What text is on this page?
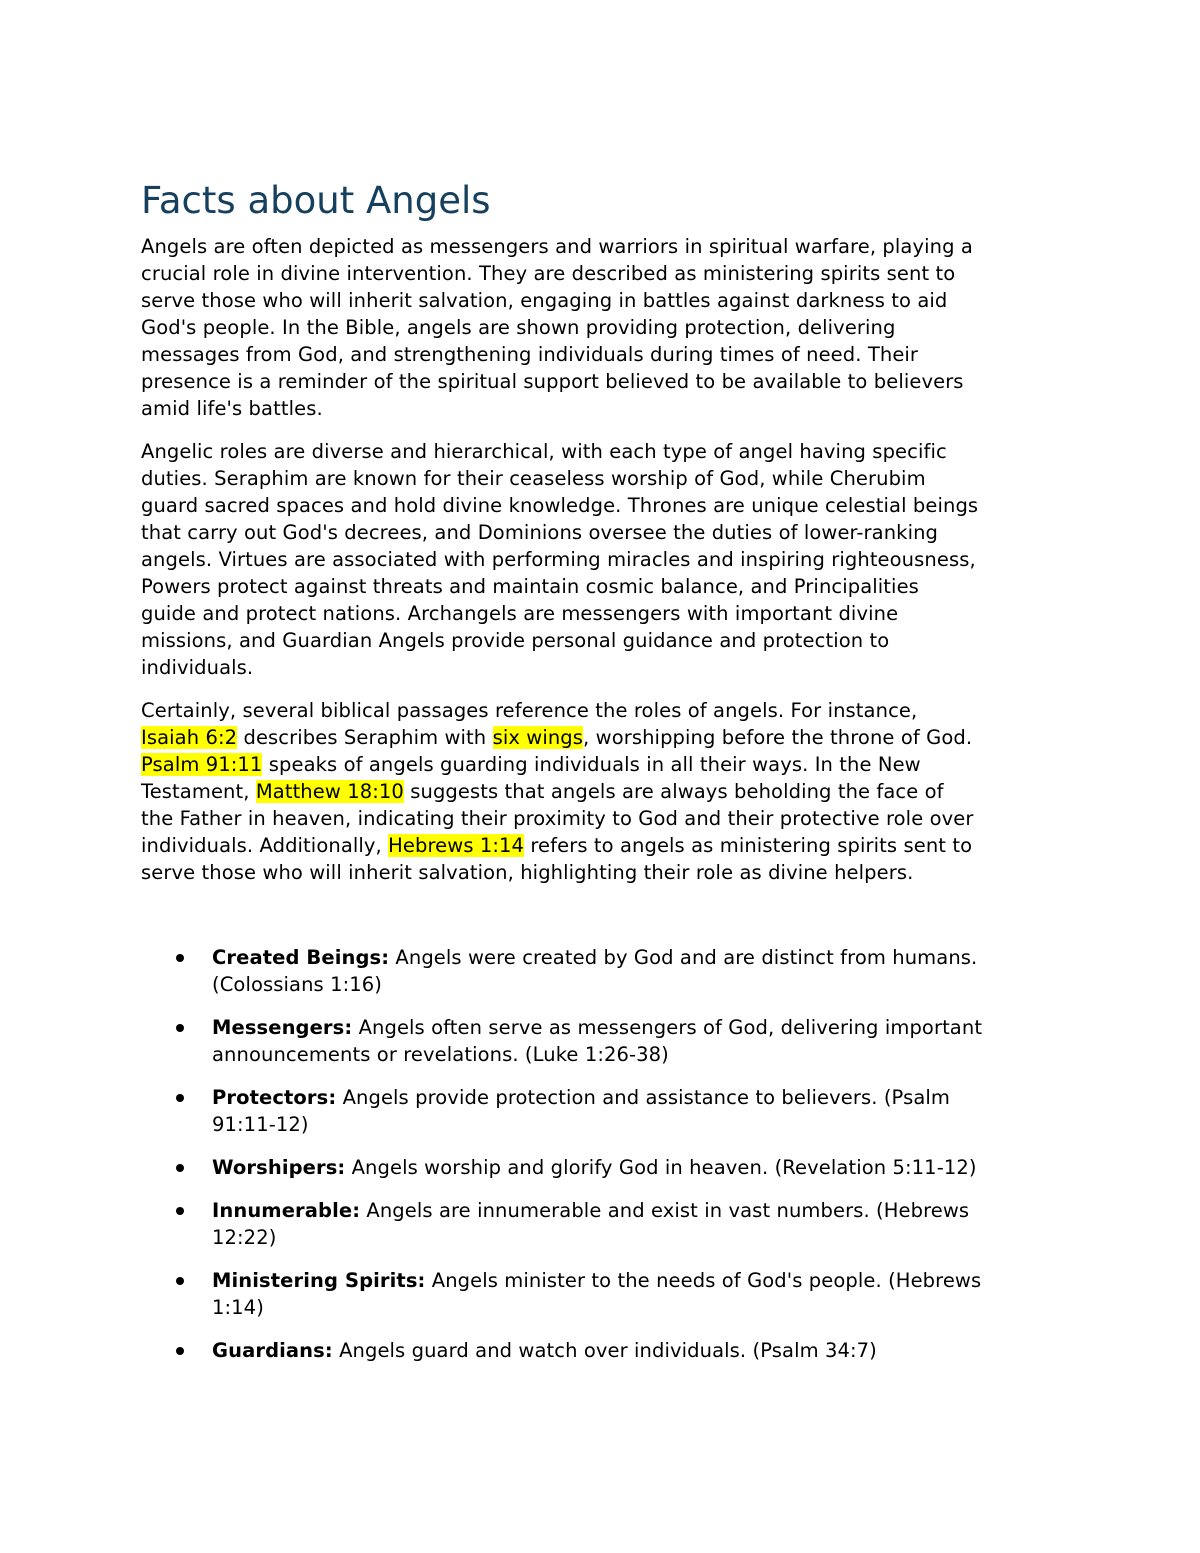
Facts about Angels

Angels are often depicted as messengers and warriors in spiritual warfare, playing a
crucial role in divine intervention. They are described as ministering spirits sent to
serve those who will inherit salvation, engaging in battles against darkness to aid
God's people. In the Bible, angels are shown providing protection, delivering
messages from God, and strengthening individuals during times of need. Their
presence is a reminder of the spiritual support believed to be available to believers
amid life's battles.

Angelic roles are diverse and hierarchical, with each type of angel having specific
duties. Seraphim are known for their ceaseless worship of God, while Cherubim
guard sacred spaces and hold divine knowledge. Thrones are unique celestial beings
that carry out God's decrees, and Dominions oversee the duties of lower-ranking
angels. Virtues are associated with performing miracles and inspiring righteousness,
Powers protect against threats and maintain cosmic balance, and Principalities
guide and protect nations. Archangels are messengers with important divine
missions, and Guardian Angels provide personal guidance and protection to
individuals.

Certainly, several biblical passages reference the roles of angels. For instance,
Isaiah 6:2 describes Seraphim with six wings, worshipping before the throne of God.
Psalm 91:11 speaks of angels guarding individuals in all their ways. In the New
Testament, Matthew 18:10 suggests that angels are always beholding the face of
the Father in heaven, indicating their proximity to God and their protective role over
individuals. Additionally, Hebrews 1:14 refers to angels as ministering spirits sent to
serve those who will inherit salvation, highlighting their role as divine helpers.

Created Beings: Angels were created by God and are distinct from humans.
(Colossians 1:16)
Messengers: Angels often serve as messengers of God, delivering important
announcements or revelations. (Luke 1:26-38)
Protectors: Angels provide protection and assistance to believers. (Psalm
91:11-12)
Worshipers: Angels worship and glorify God in heaven. (Revelation 5:11-12)
Innumerable: Angels are innumerable and exist in vast numbers. (Hebrews
12:22)
Ministering Spirits: Angels minister to the needs of God's people. (Hebrews
1:14)
Guardians: Angels guard and watch over individuals. (Psalm 34:7)
